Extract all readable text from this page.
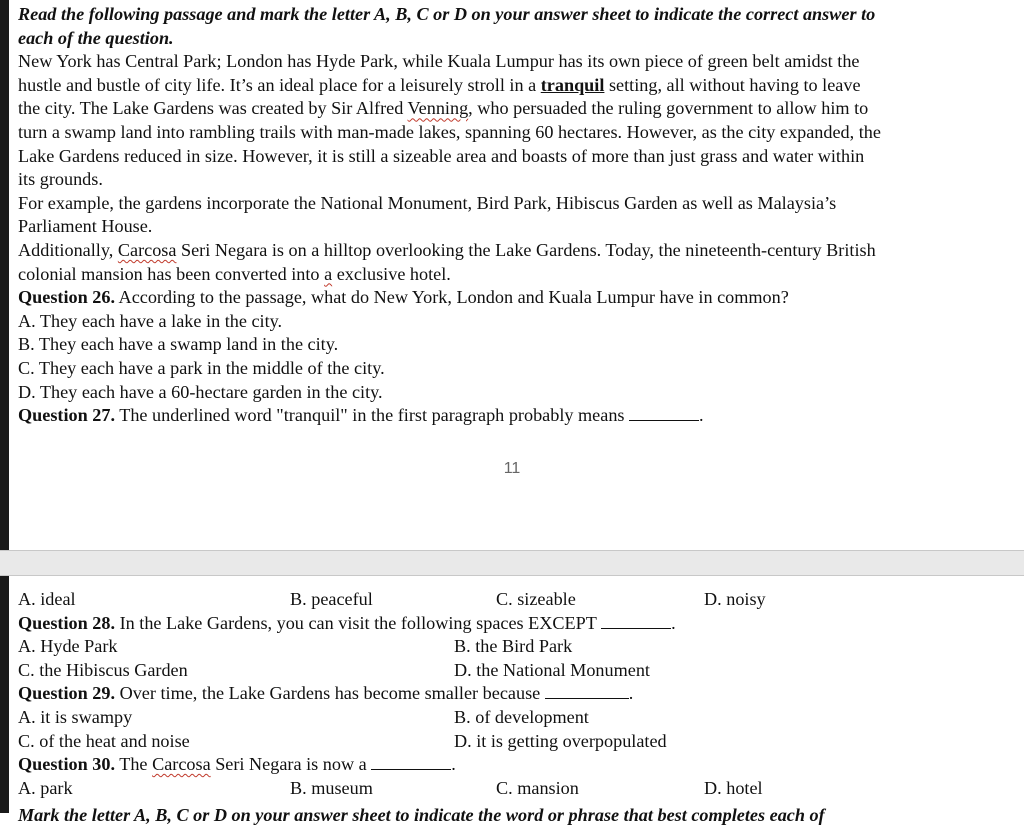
Read the following passage and mark the letter A, B, C or D on your answer sheet to indicate the correct answer to

each of the question.

New York has Central Park; London has Hyde Park, while Kuala Lumpur has its own piece of green belt amidst the

hustle and bustle of city life. It’s an ideal place for a leisurely stroll in a tranquil setting, all without having to leave

the city. The Lake Gardens was created by Sir Alfred Venning, who persuaded the ruling government to allow him to

turn a swamp land into rambling trails with man-made lakes, spanning 60 hectares. However, as the city expanded, the

Lake Gardens reduced in size. However, it is still a sizeable area and boasts of more than just grass and water within

its grounds.

For example, the gardens incorporate the National Monument, Bird Park, Hibiscus Garden as well as Malaysia’s

Parliament House.

Additionally, Carcosa Seri Negara is on a hilltop overlooking the Lake Gardens. Today, the nineteenth-century British

colonial mansion has been converted into a exclusive hotel.

Question 26. According to the passage, what do New York, London and Kuala Lumpur have in common?

A. They each have a lake in the city.

B. They each have a swamp land in the city.

C. They each have a park in the middle of the city.

D. They each have a 60-hectare garden in the city.

Question 27. The underlined word "tranquil" in the first paragraph probably means	.

11
A. ideal	B. peaceful	C. sizeable	D. noisy

Question 28. In the Lake Gardens, you can visit the following spaces EXCEPT	.

A. Hyde Park	B. the Bird Park
C. the Hibiscus Garden	D. the National Monument

Question 29. Over time, the Lake Gardens has become smaller because	.

A. it is swampy	B. of development
C. of the heat and noise	D. it is getting overpopulated

Question 30. The Carcosa Seri Negara is now a	.

A. park	B. museum	C. mansion	D. hotel
Mark the letter A, B, C or D on your answer sheet to indicate the word or phrase that best completes each of
